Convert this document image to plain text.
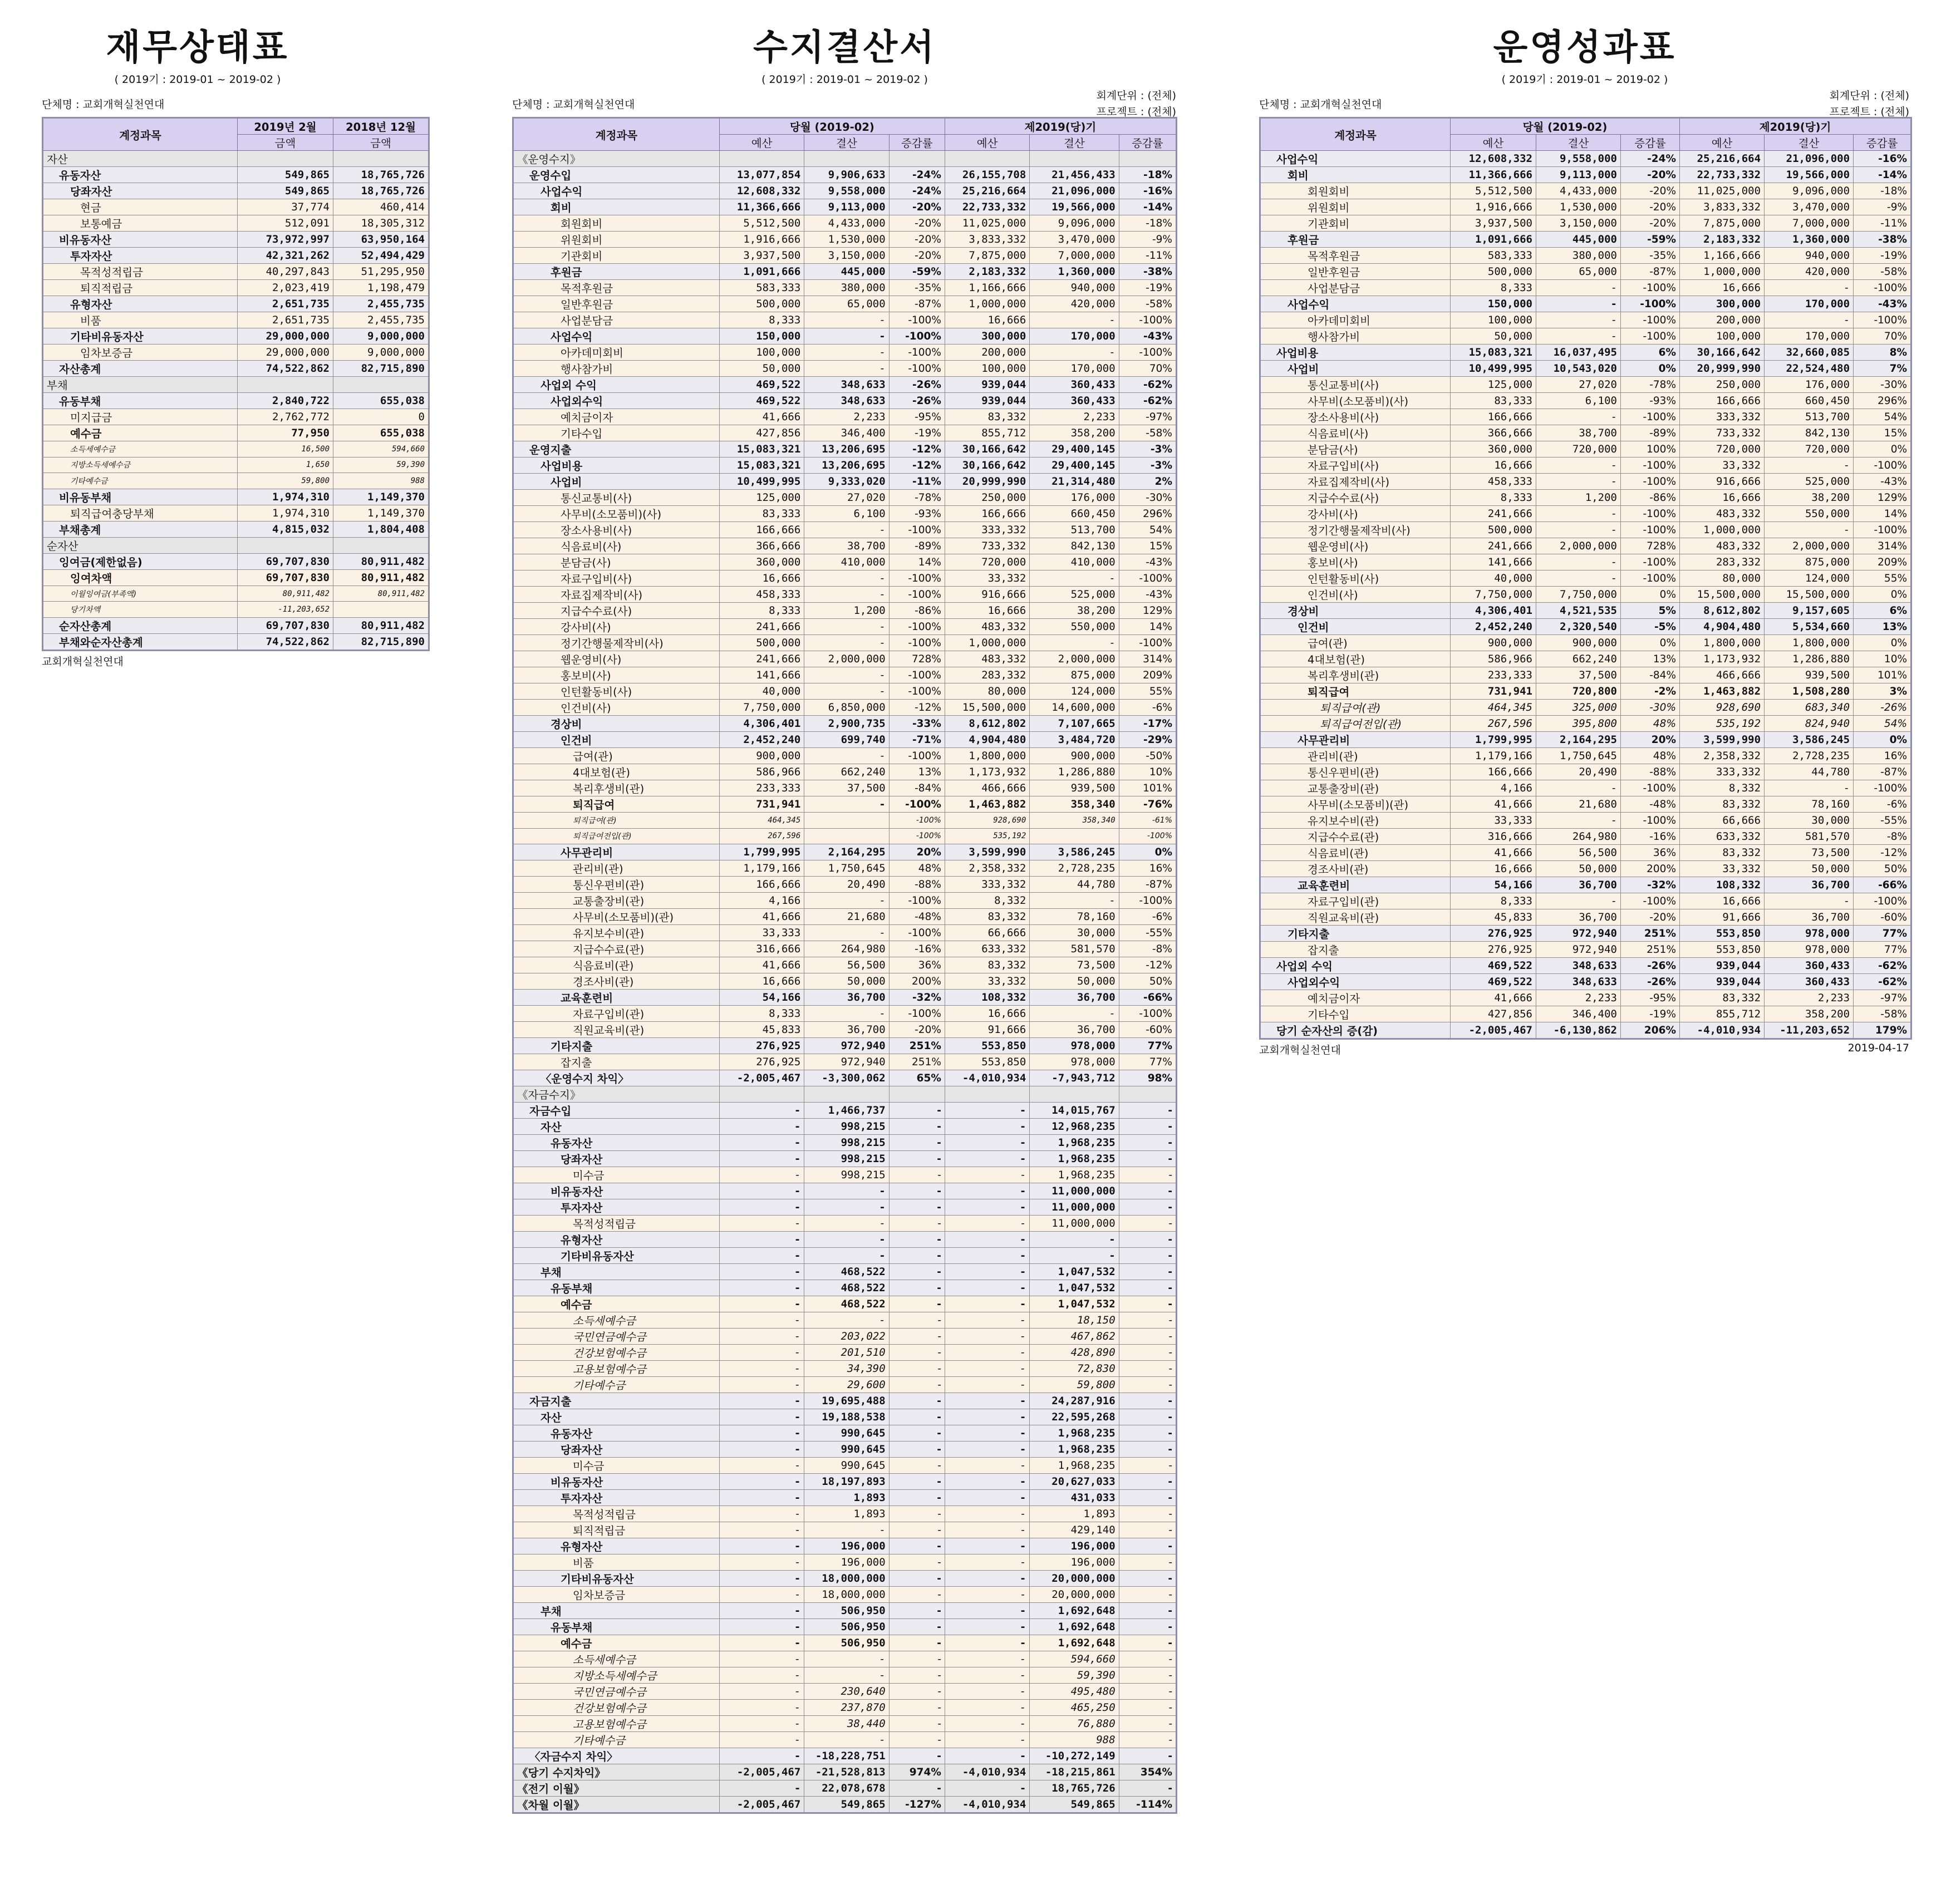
재무상태표
( 2019기 : 2019-01 ~ 2019-02 )
단체명 : 교회개혁실천연대
계정과목	2019년 2월	2018년 12월
	금액	금액
자산		
유동자산	549,865	18,765,726
당좌자산	549,865	18,765,726
현금	37,774	460,414
보통예금	512,091	18,305,312
비유동자산	73,972,997	63,950,164
투자자산	42,321,262	52,494,429
목적성적립금	40,297,843	51,295,950
퇴직적립금	2,023,419	1,198,479
유형자산	2,651,735	2,455,735
비품	2,651,735	2,455,735
기타비유동자산	29,000,000	9,000,000
임차보증금	29,000,000	9,000,000
자산총계	74,522,862	82,715,890
부채		
유동부채	2,840,722	655,038
미지급금	2,762,772	0
예수금	77,950	655,038
소득세예수금	16,500	594,660
지방소득세예수금	1,650	59,390
기타예수금	59,800	988
비유동부채	1,974,310	1,149,370
퇴직급여충당부채	1,974,310	1,149,370
부채총계	4,815,032	1,804,408
순자산		
잉여금(제한없음)	69,707,830	80,911,482
잉여차액	69,707,830	80,911,482
이월잉여금(부족액)	80,911,482	80,911,482
당기차액	-11,203,652	
순자산총계	69,707,830	80,911,482
부채와순자산총계	74,522,862	82,715,890
교회개혁실천연대
수지결산서
( 2019기 : 2019-01 ~ 2019-02 )
단체명 : 교회개혁실천연대
회계단위 : (전체)
프로젝트 : (전체)
계정과목	당월 (2019-02)			제2019(당)기		
	예산	결산	증감률	예산	결산	증감률
《운영수지》						
운영수입	13,077,854	9,906,633	-24%	26,155,708	21,456,433	-18%
사업수익	12,608,332	9,558,000	-24%	25,216,664	21,096,000	-16%
회비	11,366,666	9,113,000	-20%	22,733,332	19,566,000	-14%
회원회비	5,512,500	4,433,000	-20%	11,025,000	9,096,000	-18%
위원회비	1,916,666	1,530,000	-20%	3,833,332	3,470,000	-9%
기관회비	3,937,500	3,150,000	-20%	7,875,000	7,000,000	-11%
후원금	1,091,666	445,000	-59%	2,183,332	1,360,000	-38%
목적후원금	583,333	380,000	-35%	1,166,666	940,000	-19%
일반후원금	500,000	65,000	-87%	1,000,000	420,000	-58%
사업분담금	8,333	-	-100%	16,666	-	-100%
사업수익	150,000	-	-100%	300,000	170,000	-43%
아카데미회비	100,000	-	-100%	200,000	-	-100%
행사참가비	50,000	-	-100%	100,000	170,000	70%
사업외 수익	469,522	348,633	-26%	939,044	360,433	-62%
사업외수익	469,522	348,633	-26%	939,044	360,433	-62%
예치금이자	41,666	2,233	-95%	83,332	2,233	-97%
기타수입	427,856	346,400	-19%	855,712	358,200	-58%
운영지출	15,083,321	13,206,695	-12%	30,166,642	29,400,145	-3%
사업비용	15,083,321	13,206,695	-12%	30,166,642	29,400,145	-3%
사업비	10,499,995	9,333,020	-11%	20,999,990	21,314,480	2%
통신교통비(사)	125,000	27,020	-78%	250,000	176,000	-30%
사무비(소모품비)(사)	83,333	6,100	-93%	166,666	660,450	296%
장소사용비(사)	166,666	-	-100%	333,332	513,700	54%
식음료비(사)	366,666	38,700	-89%	733,332	842,130	15%
분담금(사)	360,000	410,000	14%	720,000	410,000	-43%
자료구입비(사)	16,666	-	-100%	33,332	-	-100%
자료집제작비(사)	458,333	-	-100%	916,666	525,000	-43%
지급수수료(사)	8,333	1,200	-86%	16,666	38,200	129%
강사비(사)	241,666	-	-100%	483,332	550,000	14%
정기간행물제작비(사)	500,000	-	-100%	1,000,000	-	-100%
웹운영비(사)	241,666	2,000,000	728%	483,332	2,000,000	314%
홍보비(사)	141,666	-	-100%	283,332	875,000	209%
인턴활동비(사)	40,000	-	-100%	80,000	124,000	55%
인건비(사)	7,750,000	6,850,000	-12%	15,500,000	14,600,000	-6%
경상비	4,306,401	2,900,735	-33%	8,612,802	7,107,665	-17%
인건비	2,452,240	699,740	-71%	4,904,480	3,484,720	-29%
급여(관)	900,000	-	-100%	1,800,000	900,000	-50%
4대보험(관)	586,966	662,240	13%	1,173,932	1,286,880	10%
복리후생비(관)	233,333	37,500	-84%	466,666	939,500	101%
퇴직급여	731,941	-	-100%	1,463,882	358,340	-76%
퇴직급여(관)	464,345		-100%	928,690	358,340	-61%
퇴직급여전입(관)	267,596		-100%	535,192		-100%
사무관리비	1,799,995	2,164,295	20%	3,599,990	3,586,245	0%
관리비(관)	1,179,166	1,750,645	48%	2,358,332	2,728,235	16%
통신우편비(관)	166,666	20,490	-88%	333,332	44,780	-87%
교통출장비(관)	4,166	-	-100%	8,332	-	-100%
사무비(소모품비)(관)	41,666	21,680	-48%	83,332	78,160	-6%
유지보수비(관)	33,333	-	-100%	66,666	30,000	-55%
지급수수료(관)	316,666	264,980	-16%	633,332	581,570	-8%
식음료비(관)	41,666	56,500	36%	83,332	73,500	-12%
경조사비(관)	16,666	50,000	200%	33,332	50,000	50%
교육훈련비	54,166	36,700	-32%	108,332	36,700	-66%
자료구입비(관)	8,333	-	-100%	16,666	-	-100%
직원교육비(관)	45,833	36,700	-20%	91,666	36,700	-60%
기타지출	276,925	972,940	251%	553,850	978,000	77%
잡지출	276,925	972,940	251%	553,850	978,000	77%
〈운영수지 차익〉	-2,005,467	-3,300,062	65%	-4,010,934	-7,943,712	98%
《자금수지》						
자금수입	-	1,466,737	-	-	14,015,767	-
자산	-	998,215	-	-	12,968,235	-
유동자산	-	998,215	-	-	1,968,235	-
당좌자산	-	998,215	-	-	1,968,235	-
미수금	-	998,215	-	-	1,968,235	-
비유동자산	-	-	-	-	11,000,000	-
투자자산	-	-	-	-	11,000,000	-
목적성적립금	-	-	-	-	11,000,000	-
유형자산	-	-	-	-	-	-
기타비유동자산	-	-	-	-	-	-
부채	-	468,522	-	-	1,047,532	-
유동부채	-	468,522	-	-	1,047,532	-
예수금	-	468,522	-	-	1,047,532	-
소득세예수금	-	-	-	-	18,150	-
국민연금예수금	-	203,022	-	-	467,862	-
건강보험예수금	-	201,510	-	-	428,890	-
고용보험예수금	-	34,390	-	-	72,830	-
기타예수금	-	29,600	-	-	59,800	-
자금지출	-	19,695,488	-	-	24,287,916	-
자산	-	19,188,538	-	-	22,595,268	-
유동자산	-	990,645	-	-	1,968,235	-
당좌자산	-	990,645	-	-	1,968,235	-
미수금	-	990,645	-	-	1,968,235	-
비유동자산	-	18,197,893	-	-	20,627,033	-
투자자산	-	1,893	-	-	431,033	-
목적성적립금	-	1,893	-	-	1,893	-
퇴직적립금	-	-	-	-	429,140	-
유형자산	-	196,000	-	-	196,000	-
비품	-	196,000	-	-	196,000	-
기타비유동자산	-	18,000,000	-	-	20,000,000	-
임차보증금	-	18,000,000	-	-	20,000,000	-
부채	-	506,950	-	-	1,692,648	-
유동부채	-	506,950	-	-	1,692,648	-
예수금	-	506,950	-	-	1,692,648	-
소득세예수금	-	-	-	-	594,660	-
지방소득세예수금	-	-	-	-	59,390	-
국민연금예수금	-	230,640	-	-	495,480	-
건강보험예수금	-	237,870	-	-	465,250	-
고용보험예수금	-	38,440	-	-	76,880	-
기타예수금	-	-	-	-	988	-
〈자금수지 차익〉	-	-18,228,751	-	-	-10,272,149	-
《당기 수지차익》	-2,005,467	-21,528,813	974%	-4,010,934	-18,215,861	354%
《전기 이월》	-	22,078,678	-	-	18,765,726	-
《차월 이월》	-2,005,467	549,865	-127%	-4,010,934	549,865	-114%
운영성과표
( 2019기 : 2019-01 ~ 2019-02 )
단체명 : 교회개혁실천연대
회계단위 : (전체)
프로젝트 : (전체)
계정과목	당월 (2019-02)			제2019(당)기		
	예산	결산	증감률	예산	결산	증감률
사업수익	12,608,332	9,558,000	-24%	25,216,664	21,096,000	-16%
회비	11,366,666	9,113,000	-20%	22,733,332	19,566,000	-14%
회원회비	5,512,500	4,433,000	-20%	11,025,000	9,096,000	-18%
위원회비	1,916,666	1,530,000	-20%	3,833,332	3,470,000	-9%
기관회비	3,937,500	3,150,000	-20%	7,875,000	7,000,000	-11%
후원금	1,091,666	445,000	-59%	2,183,332	1,360,000	-38%
목적후원금	583,333	380,000	-35%	1,166,666	940,000	-19%
일반후원금	500,000	65,000	-87%	1,000,000	420,000	-58%
사업분담금	8,333	-	-100%	16,666	-	-100%
사업수익	150,000	-	-100%	300,000	170,000	-43%
아카데미회비	100,000	-	-100%	200,000	-	-100%
행사참가비	50,000	-	-100%	100,000	170,000	70%
사업비용	15,083,321	16,037,495	6%	30,166,642	32,660,085	8%
사업비	10,499,995	10,543,020	0%	20,999,990	22,524,480	7%
통신교통비(사)	125,000	27,020	-78%	250,000	176,000	-30%
사무비(소모품비)(사)	83,333	6,100	-93%	166,666	660,450	296%
장소사용비(사)	166,666	-	-100%	333,332	513,700	54%
식음료비(사)	366,666	38,700	-89%	733,332	842,130	15%
분담금(사)	360,000	720,000	100%	720,000	720,000	0%
자료구입비(사)	16,666	-	-100%	33,332	-	-100%
자료집제작비(사)	458,333	-	-100%	916,666	525,000	-43%
지급수수료(사)	8,333	1,200	-86%	16,666	38,200	129%
강사비(사)	241,666	-	-100%	483,332	550,000	14%
정기간행물제작비(사)	500,000	-	-100%	1,000,000	-	-100%
웹운영비(사)	241,666	2,000,000	728%	483,332	2,000,000	314%
홍보비(사)	141,666	-	-100%	283,332	875,000	209%
인턴활동비(사)	40,000	-	-100%	80,000	124,000	55%
인건비(사)	7,750,000	7,750,000	0%	15,500,000	15,500,000	0%
경상비	4,306,401	4,521,535	5%	8,612,802	9,157,605	6%
인건비	2,452,240	2,320,540	-5%	4,904,480	5,534,660	13%
급여(관)	900,000	900,000	0%	1,800,000	1,800,000	0%
4대보험(관)	586,966	662,240	13%	1,173,932	1,286,880	10%
복리후생비(관)	233,333	37,500	-84%	466,666	939,500	101%
퇴직급여	731,941	720,800	-2%	1,463,882	1,508,280	3%
퇴직급여(관)	464,345	325,000	-30%	928,690	683,340	-26%
퇴직급여전입(관)	267,596	395,800	48%	535,192	824,940	54%
사무관리비	1,799,995	2,164,295	20%	3,599,990	3,586,245	0%
관리비(관)	1,179,166	1,750,645	48%	2,358,332	2,728,235	16%
통신우편비(관)	166,666	20,490	-88%	333,332	44,780	-87%
교통출장비(관)	4,166	-	-100%	8,332	-	-100%
사무비(소모품비)(관)	41,666	21,680	-48%	83,332	78,160	-6%
유지보수비(관)	33,333	-	-100%	66,666	30,000	-55%
지급수수료(관)	316,666	264,980	-16%	633,332	581,570	-8%
식음료비(관)	41,666	56,500	36%	83,332	73,500	-12%
경조사비(관)	16,666	50,000	200%	33,332	50,000	50%
교육훈련비	54,166	36,700	-32%	108,332	36,700	-66%
자료구입비(관)	8,333	-	-100%	16,666	-	-100%
직원교육비(관)	45,833	36,700	-20%	91,666	36,700	-60%
기타지출	276,925	972,940	251%	553,850	978,000	77%
잡지출	276,925	972,940	251%	553,850	978,000	77%
사업외 수익	469,522	348,633	-26%	939,044	360,433	-62%
사업외수익	469,522	348,633	-26%	939,044	360,433	-62%
예치금이자	41,666	2,233	-95%	83,332	2,233	-97%
기타수입	427,856	346,400	-19%	855,712	358,200	-58%
당기 순자산의 증(감)	-2,005,467	-6,130,862	206%	-4,010,934	-11,203,652	179%
교회개혁실천연대	2019-04-17
